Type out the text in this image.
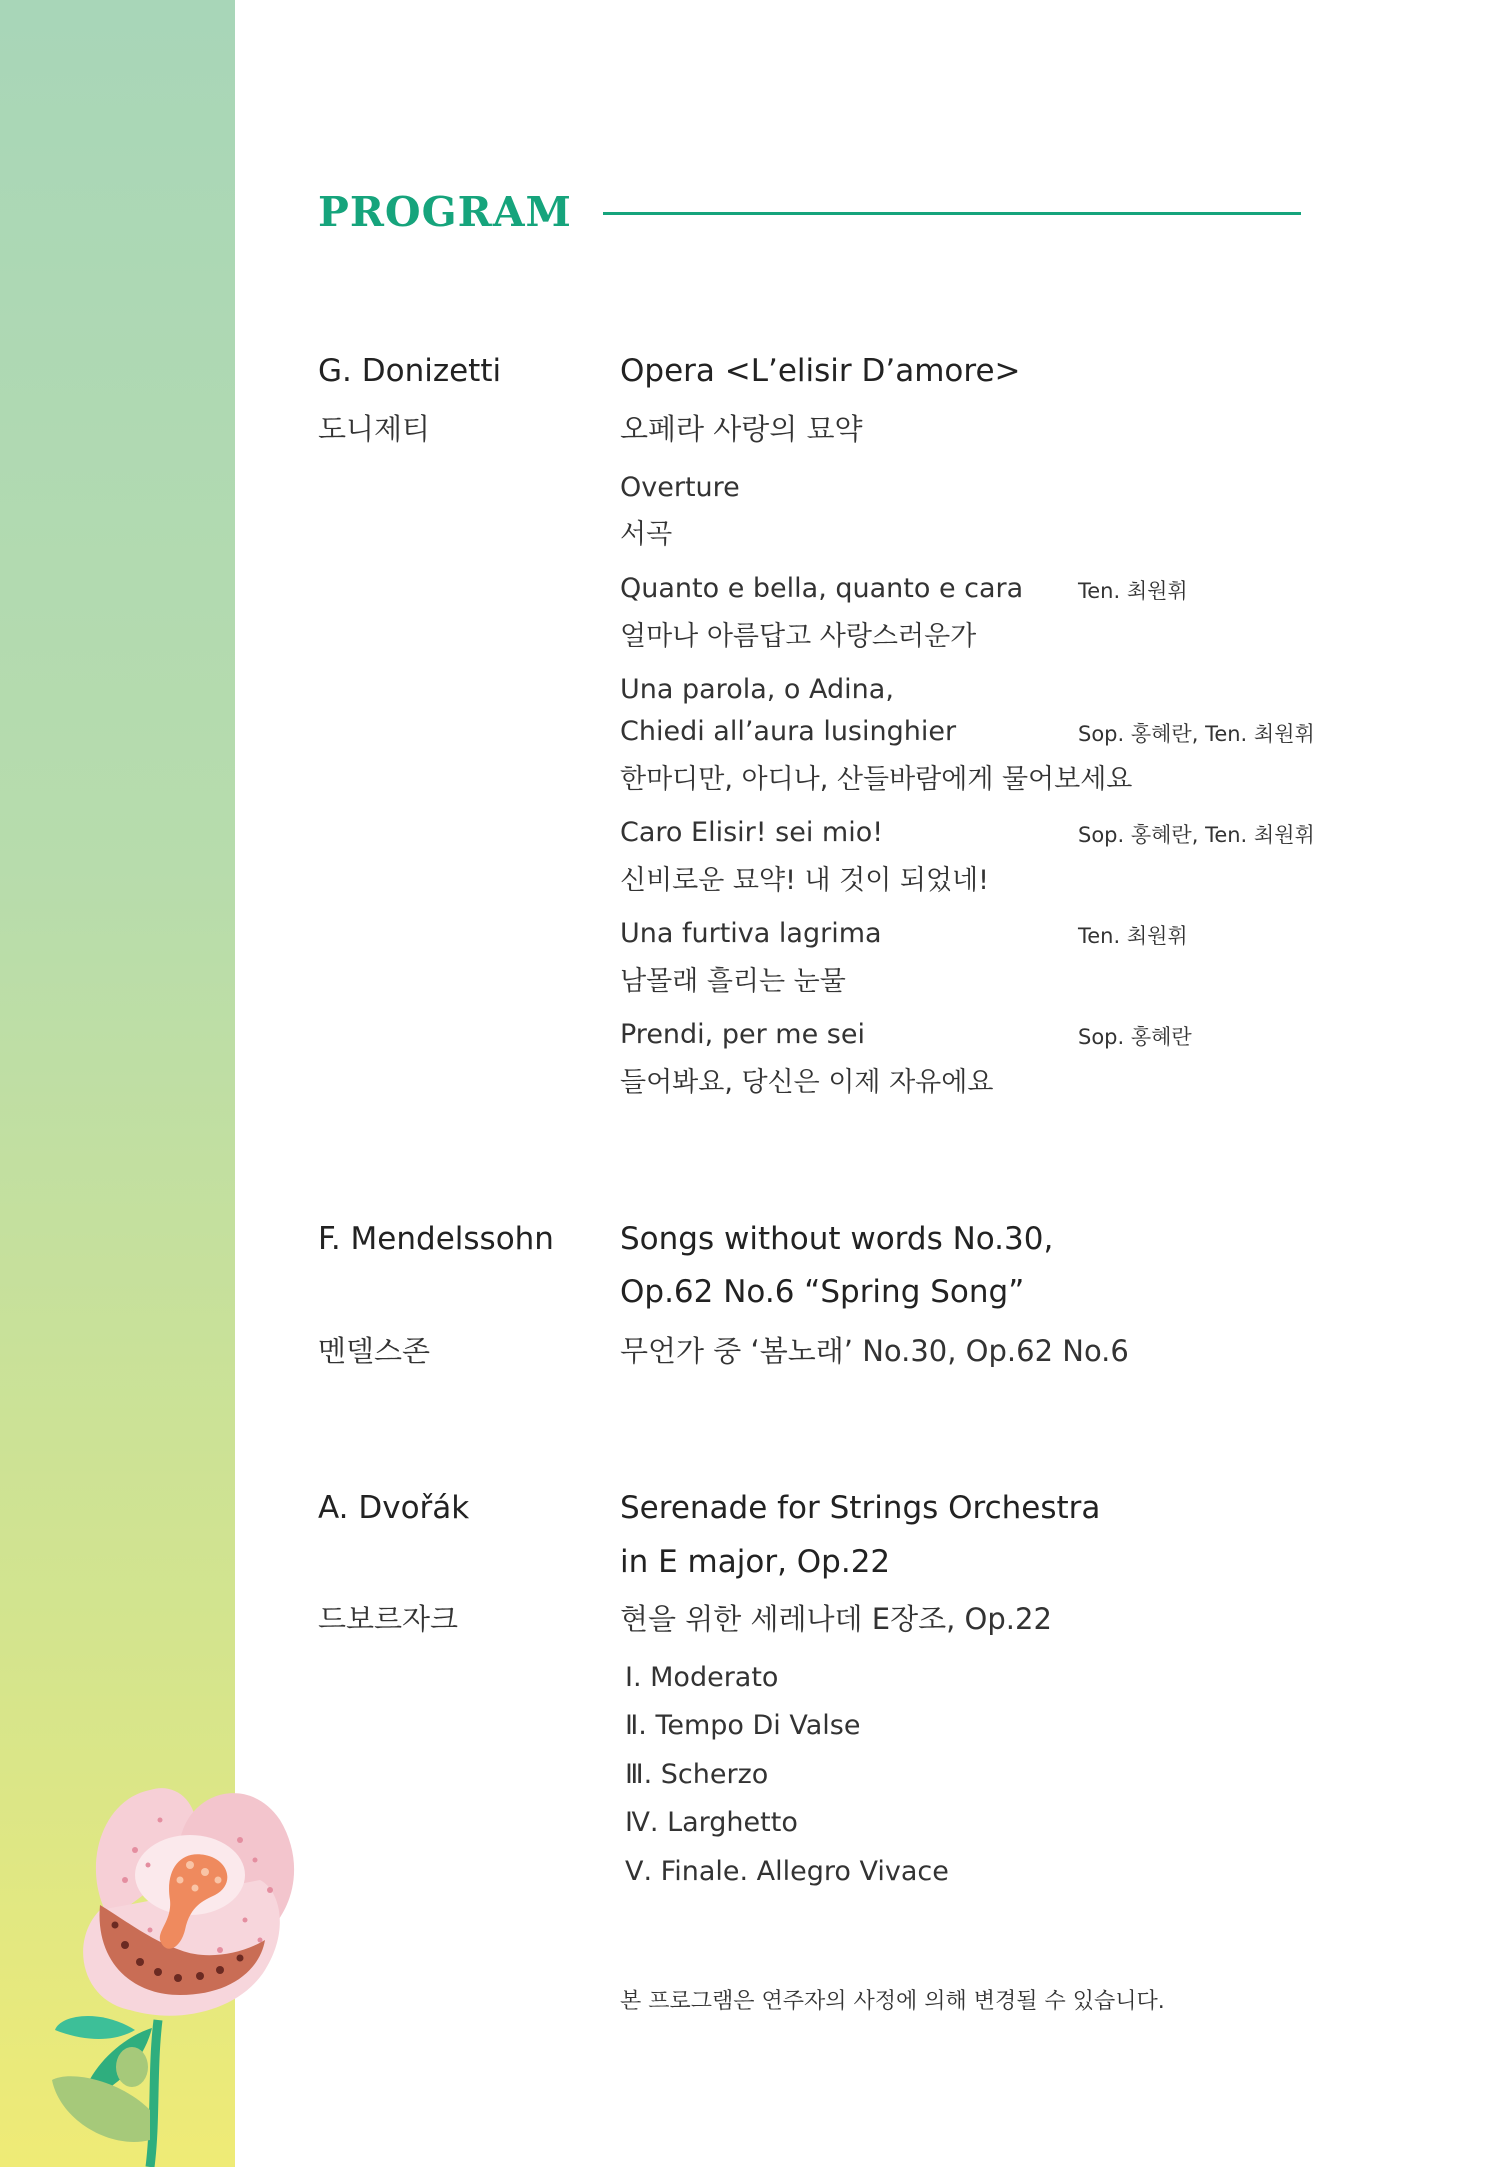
PROGRAM
G. Donizetti
도니제티
Opera <L’elisir D’amore>
오페라 사랑의 묘약
Overture
서곡
Quanto e bella, quanto e cara
얼마나 아름답고 사랑스러운가
Ten. 최원휘
Una parola, o Adina,
Chiedi all’aura lusinghier
한마디만, 아디나, 산들바람에게 물어보세요
Sop. 홍혜란, Ten. 최원휘
Caro Elisir! sei mio!
신비로운 묘약! 내 것이 되었네!
Sop. 홍혜란, Ten. 최원휘
Una furtiva lagrima
남몰래 흘리는 눈물
Ten. 최원휘
Prendi, per me sei
들어봐요, 당신은 이제 자유에요
Sop. 홍혜란
F. Mendelssohn
멘델스존
Songs without words No.30,
Op.62 No.6 “Spring Song”
무언가 중 ‘봄노래’ No.30, Op.62 No.6
A. Dvořák
드보르자크
Serenade for Strings Orchestra
in E major, Op.22
현을 위한 세레나데 E장조, Op.22
Ⅰ. Moderato
Ⅱ. Tempo Di Valse
Ⅲ. Scherzo
Ⅳ. Larghetto
Ⅴ. Finale. Allegro Vivace
본 프로그램은 연주자의 사정에 의해 변경될 수 있습니다.
